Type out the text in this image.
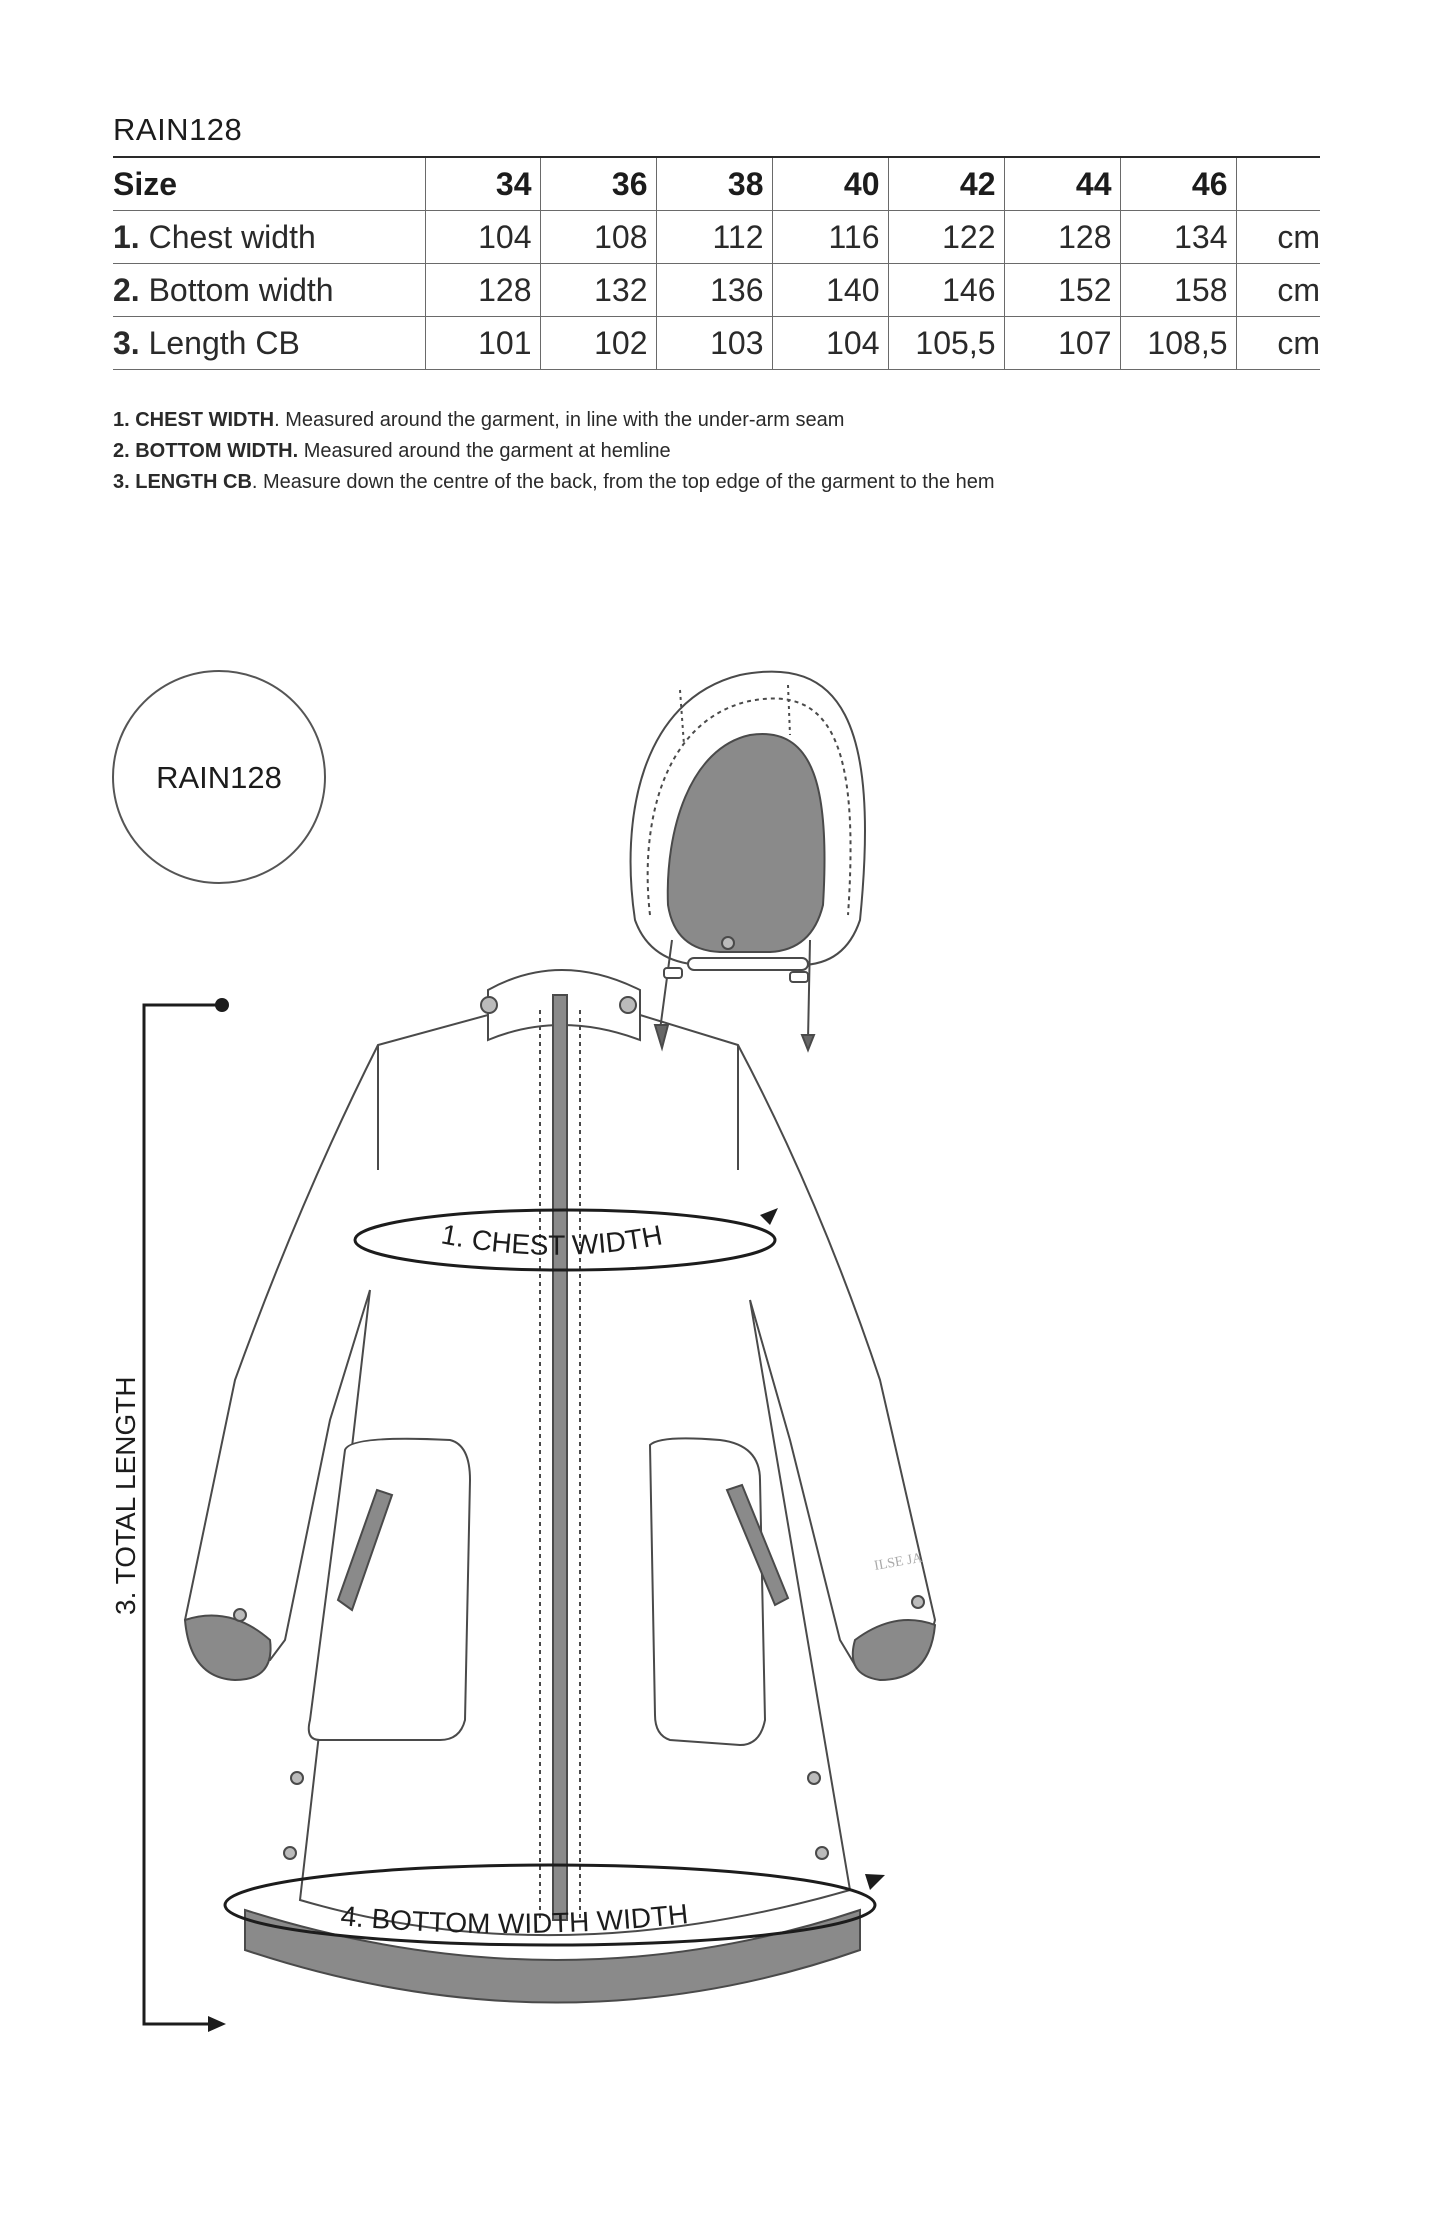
RAIN128
Size	34	36	38	40	42	44	46	
1. Chest width	104	108	112	116	122	128	134	cm
2. Bottom width	128	132	136	140	146	152	158	cm
3. Length CB	101	102	103	104	105,5	107	108,5	cm
1. CHEST WIDTH. Measured around the garment, in line with the under-arm seam
2. BOTTOM WIDTH. Measured around the garment at hemline
3. LENGTH CB. Measure down the centre of the back, from the top edge of the garment to the hem
RAIN128
ILSE JA
1. CHEST WIDTH
4. BOTTOM WIDTH WIDTH
3. TOTAL LENGTH
